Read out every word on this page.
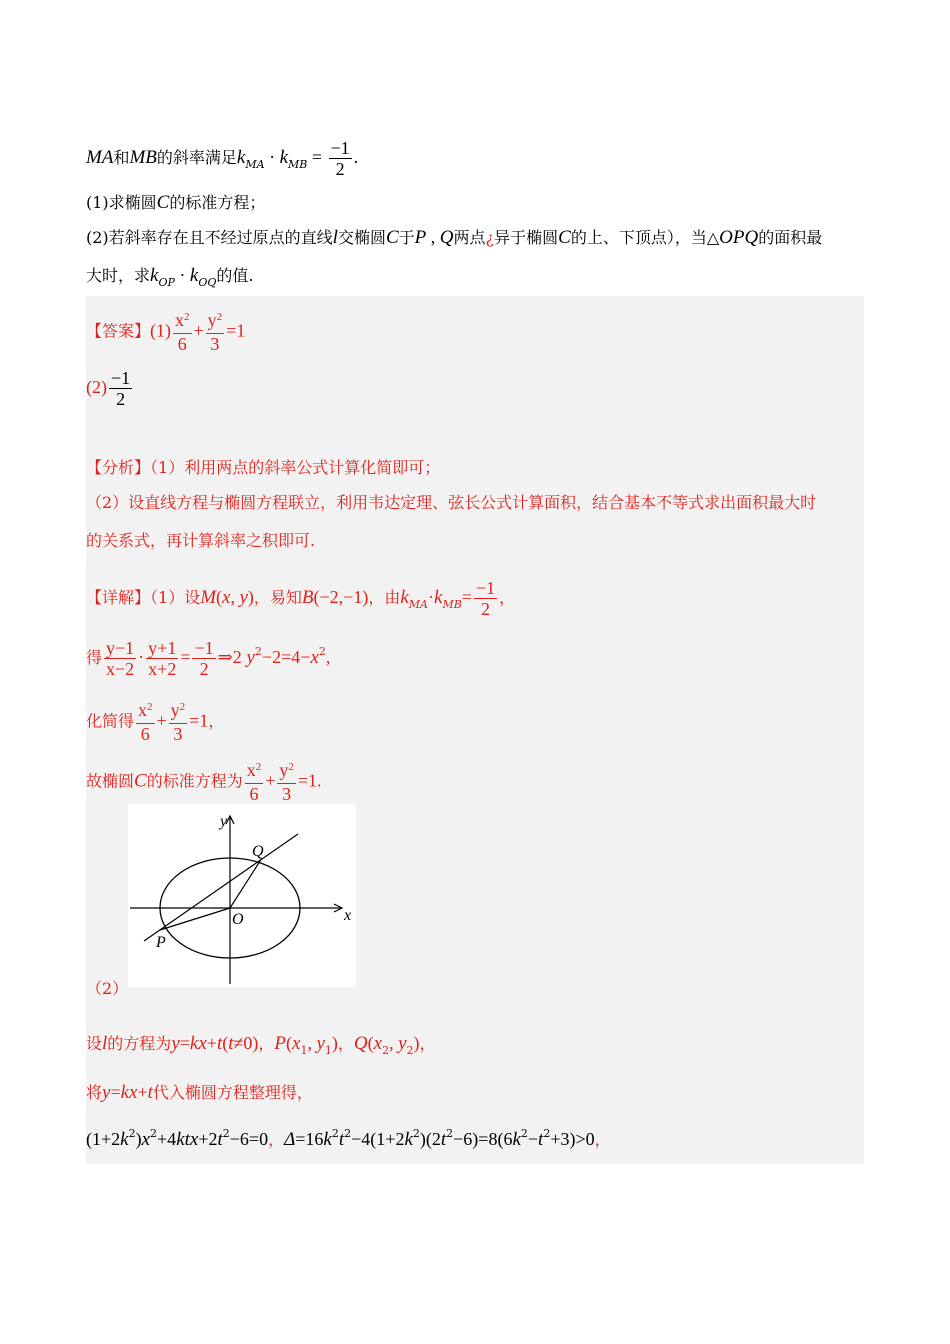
MA和MB的斜率满足$k_{MA} \cdot k_{MB} = \frac{-1}{2}$ .
(1)求椭圆C的标准方程；
(2)若斜率存在且不经过原点的直线l交椭圆C于P , Q两点¿异于椭圆C的上、下顶点），当△OPQ的面积最
大时，求$k_{OP} \cdot k_{OQ}$的值.
【答案】$(1) \frac{x^2}{6} + \frac{y^2}{3} =1$
$(2) \frac{-1}{2}$
【分析】（1）利用两点的斜率公式计算化简即可；
（2）设直线方程与椭圆方程联立，利用韦达定理、弦长公式计算面积，结合基本不等式求出面积最大时
的关系式，再计算斜率之积即可.
【详解】（1）设M(x, y)，易知B(−2,−1)，由$k_{MA}\cdot k_{MB}= \frac{-1}{2}$ ，
得 $\frac{y-1}{x-2} \cdot \frac{y+1}{x+2} = \frac{-1}{2}$ ⇒2 $y^2-2=4-x^2$,
化简得 $\frac{x^2}{6} + \frac{y^2}{3} =1$，
故椭圆C的标准方程为 $\frac{x^2}{6} + \frac{y^2}{3} =1$.
x
y
O
P
Q
（2）
设l的方程为y=kx+t(t≠0)，$P(x_1$, $y_1$)，$Q(x_2$, $y_2$)，
将y=kx+t代入椭圆方程整理得，
$(1+2k^2)x^2+4ktx+2t^2-6=0$，$\Delta=16k^2t^2-4(1+2k^2)(2t^2-6)=8(6k^2-t^2+3)>0$，
